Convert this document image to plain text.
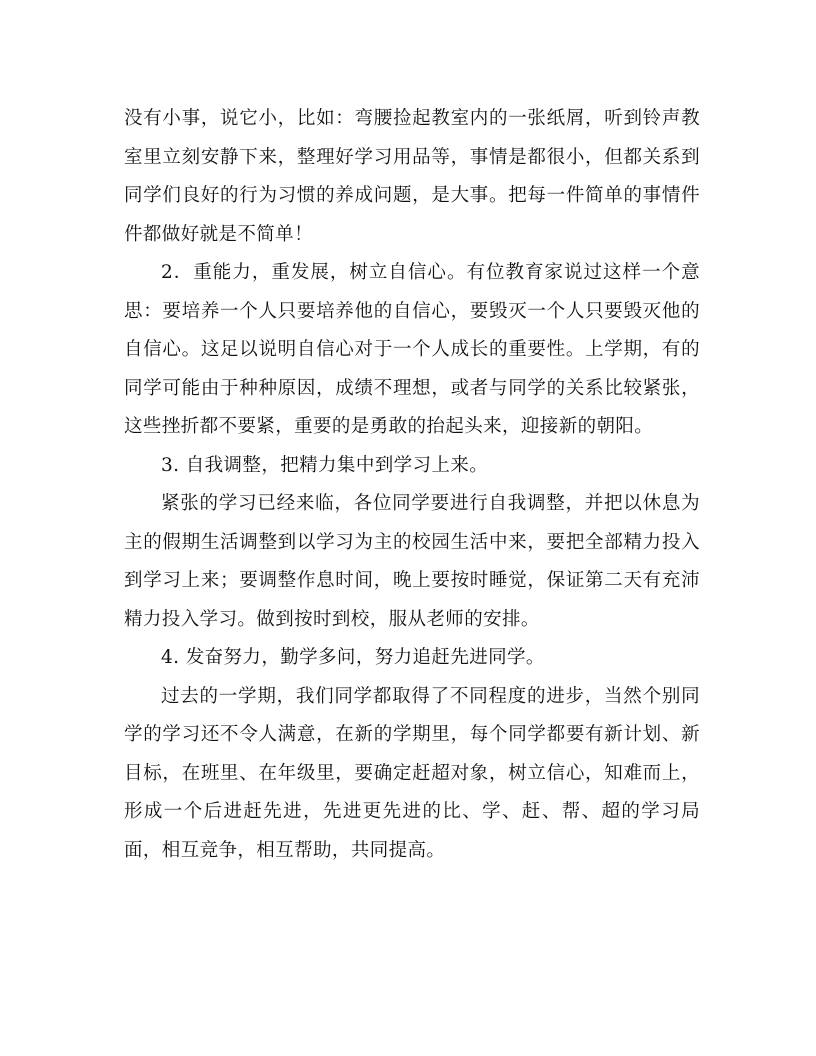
没有小事，说它小，比如：弯腰捡起教室内的一张纸屑，听到铃声教室里立刻安静下来，整理好学习用品等，事情是都很小，但都关系到同学们良好的行为习惯的养成问题，是大事。把每一件简单的事情件件都做好就是不简单！

2．重能力，重发展，树立自信心。有位教育家说过这样一个意思：要培养一个人只要培养他的自信心，要毁灭一个人只要毁灭他的自信心。这足以说明自信心对于一个人成长的重要性。上学期，有的同学可能由于种种原因，成绩不理想，或者与同学的关系比较紧张，这些挫折都不要紧，重要的是勇敢的抬起头来，迎接新的朝阳。

3. 自我调整，把精力集中到学习上来。

紧张的学习已经来临，各位同学要进行自我调整，并把以休息为主的假期生活调整到以学习为主的校园生活中来，要把全部精力投入到学习上来；要调整作息时间，晚上要按时睡觉，保证第二天有充沛精力投入学习。做到按时到校，服从老师的安排。

4. 发奋努力，勤学多问，努力追赶先进同学。

过去的一学期，我们同学都取得了不同程度的进步，当然个别同学的学习还不令人满意，在新的学期里，每个同学都要有新计划、新目标，在班里、在年级里，要确定赶超对象，树立信心，知难而上，形成一个后进赶先进，先进更先进的比、学、赶、帮、超的学习局面，相互竞争，相互帮助，共同提高。
